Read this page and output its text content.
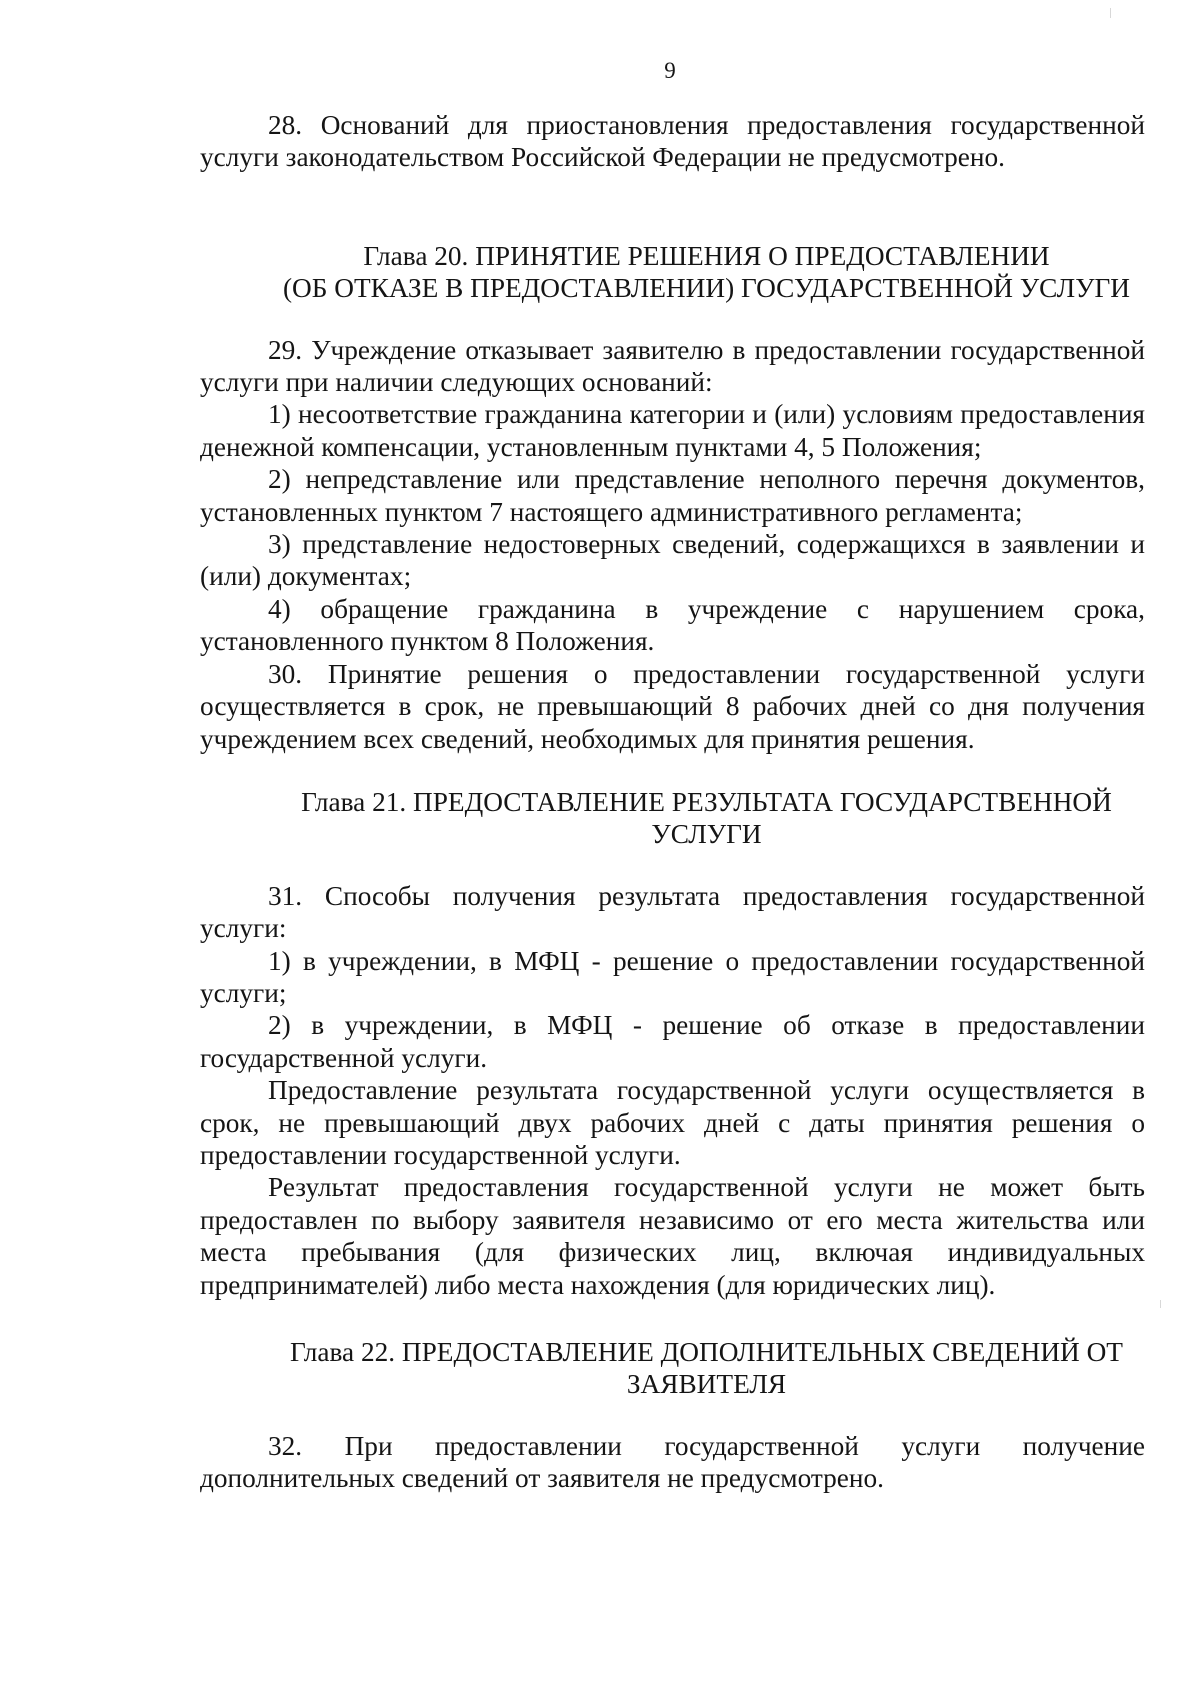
9

28. Оснований для приостановления предоставления государственной услуги законодательством Российской Федерации не предусмотрено.

Глава 20. ПРИНЯТИЕ РЕШЕНИЯ О ПРЕДОСТАВЛЕНИИ
(ОБ ОТКАЗЕ В ПРЕДОСТАВЛЕНИИ) ГОСУДАРСТВЕННОЙ УСЛУГИ

29. Учреждение отказывает заявителю в предоставлении государственной услуги при наличии следующих оснований:

1) несоответствие гражданина категории и (или) условиям предоставления денежной компенсации, установленным пунктами 4, 5 Положения;

2) непредставление или представление неполного перечня документов, установленных пунктом 7 настоящего административного регламента;

3) представление недостоверных сведений, содержащихся в заявлении и (или) документах;

4) обращение гражданина в учреждение с нарушением срока, установленного пунктом 8 Положения.

30. Принятие решения о предоставлении государственной услуги осуществляется в срок, не превышающий 8 рабочих дней со дня получения учреждением всех сведений, необходимых для принятия решения.

Глава 21. ПРЕДОСТАВЛЕНИЕ РЕЗУЛЬТАТА ГОСУДАРСТВЕННОЙ
УСЛУГИ

31. Способы получения результата предоставления государственной услуги:

1) в учреждении, в МФЦ - решение о предоставлении государственной услуги;

2) в учреждении, в МФЦ - решение об отказе в предоставлении государственной услуги.

Предоставление результата государственной услуги осуществляется в срок, не превышающий двух рабочих дней с даты принятия решения о предоставлении государственной услуги.

Результат предоставления государственной услуги не может быть предоставлен по выбору заявителя независимо от его места жительства или места пребывания (для физических лиц, включая индивидуальных предпринимателей) либо места нахождения (для юридических лиц).

Глава 22. ПРЕДОСТАВЛЕНИЕ ДОПОЛНИТЕЛЬНЫХ СВЕДЕНИЙ ОТ
ЗАЯВИТЕЛЯ

32. При предоставлении государственной услуги получение дополнительных сведений от заявителя не предусмотрено.
